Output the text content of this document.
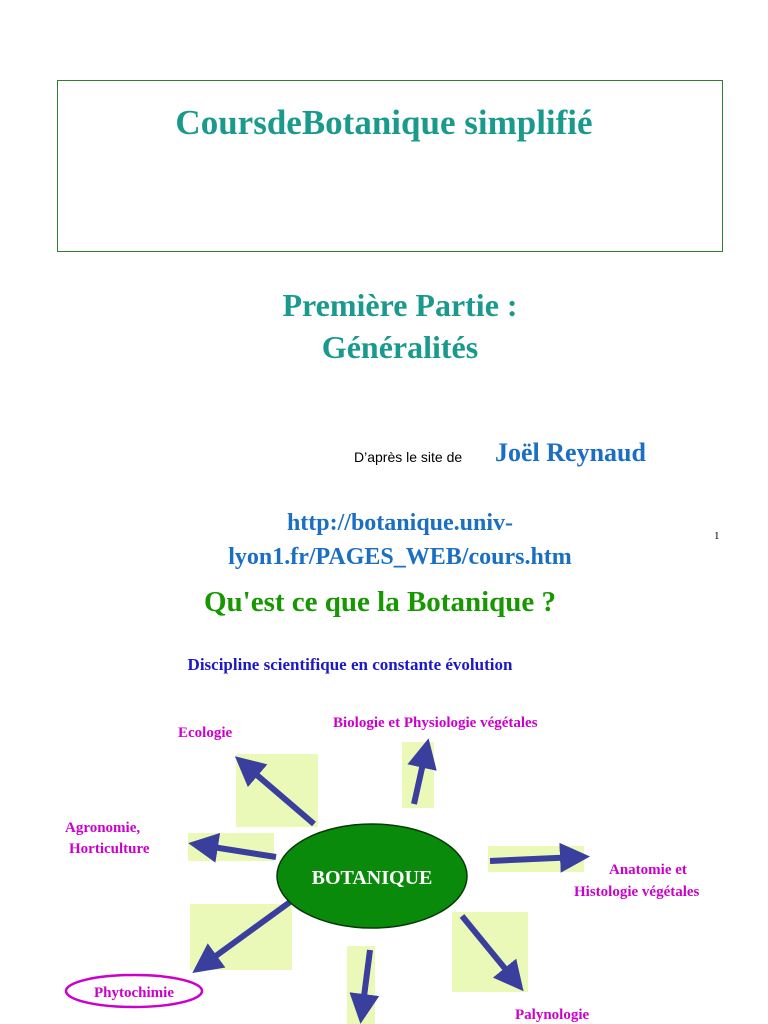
CoursdeBotanique simplifié
Première Partie :
Généralités
D’après le site de Joël Reynaud
http://botanique.univ-
lyon1.fr/PAGES_WEB/cours.htm
1
Qu'est ce que la Botanique ?
Discipline scientifique en constante évolution
BOTANIQUE
Ecologie
Biologie et Physiologie végétales
Agronomie,
Horticulture
Anatomie et
Histologie végétales
Phytochimie
Palynologie
